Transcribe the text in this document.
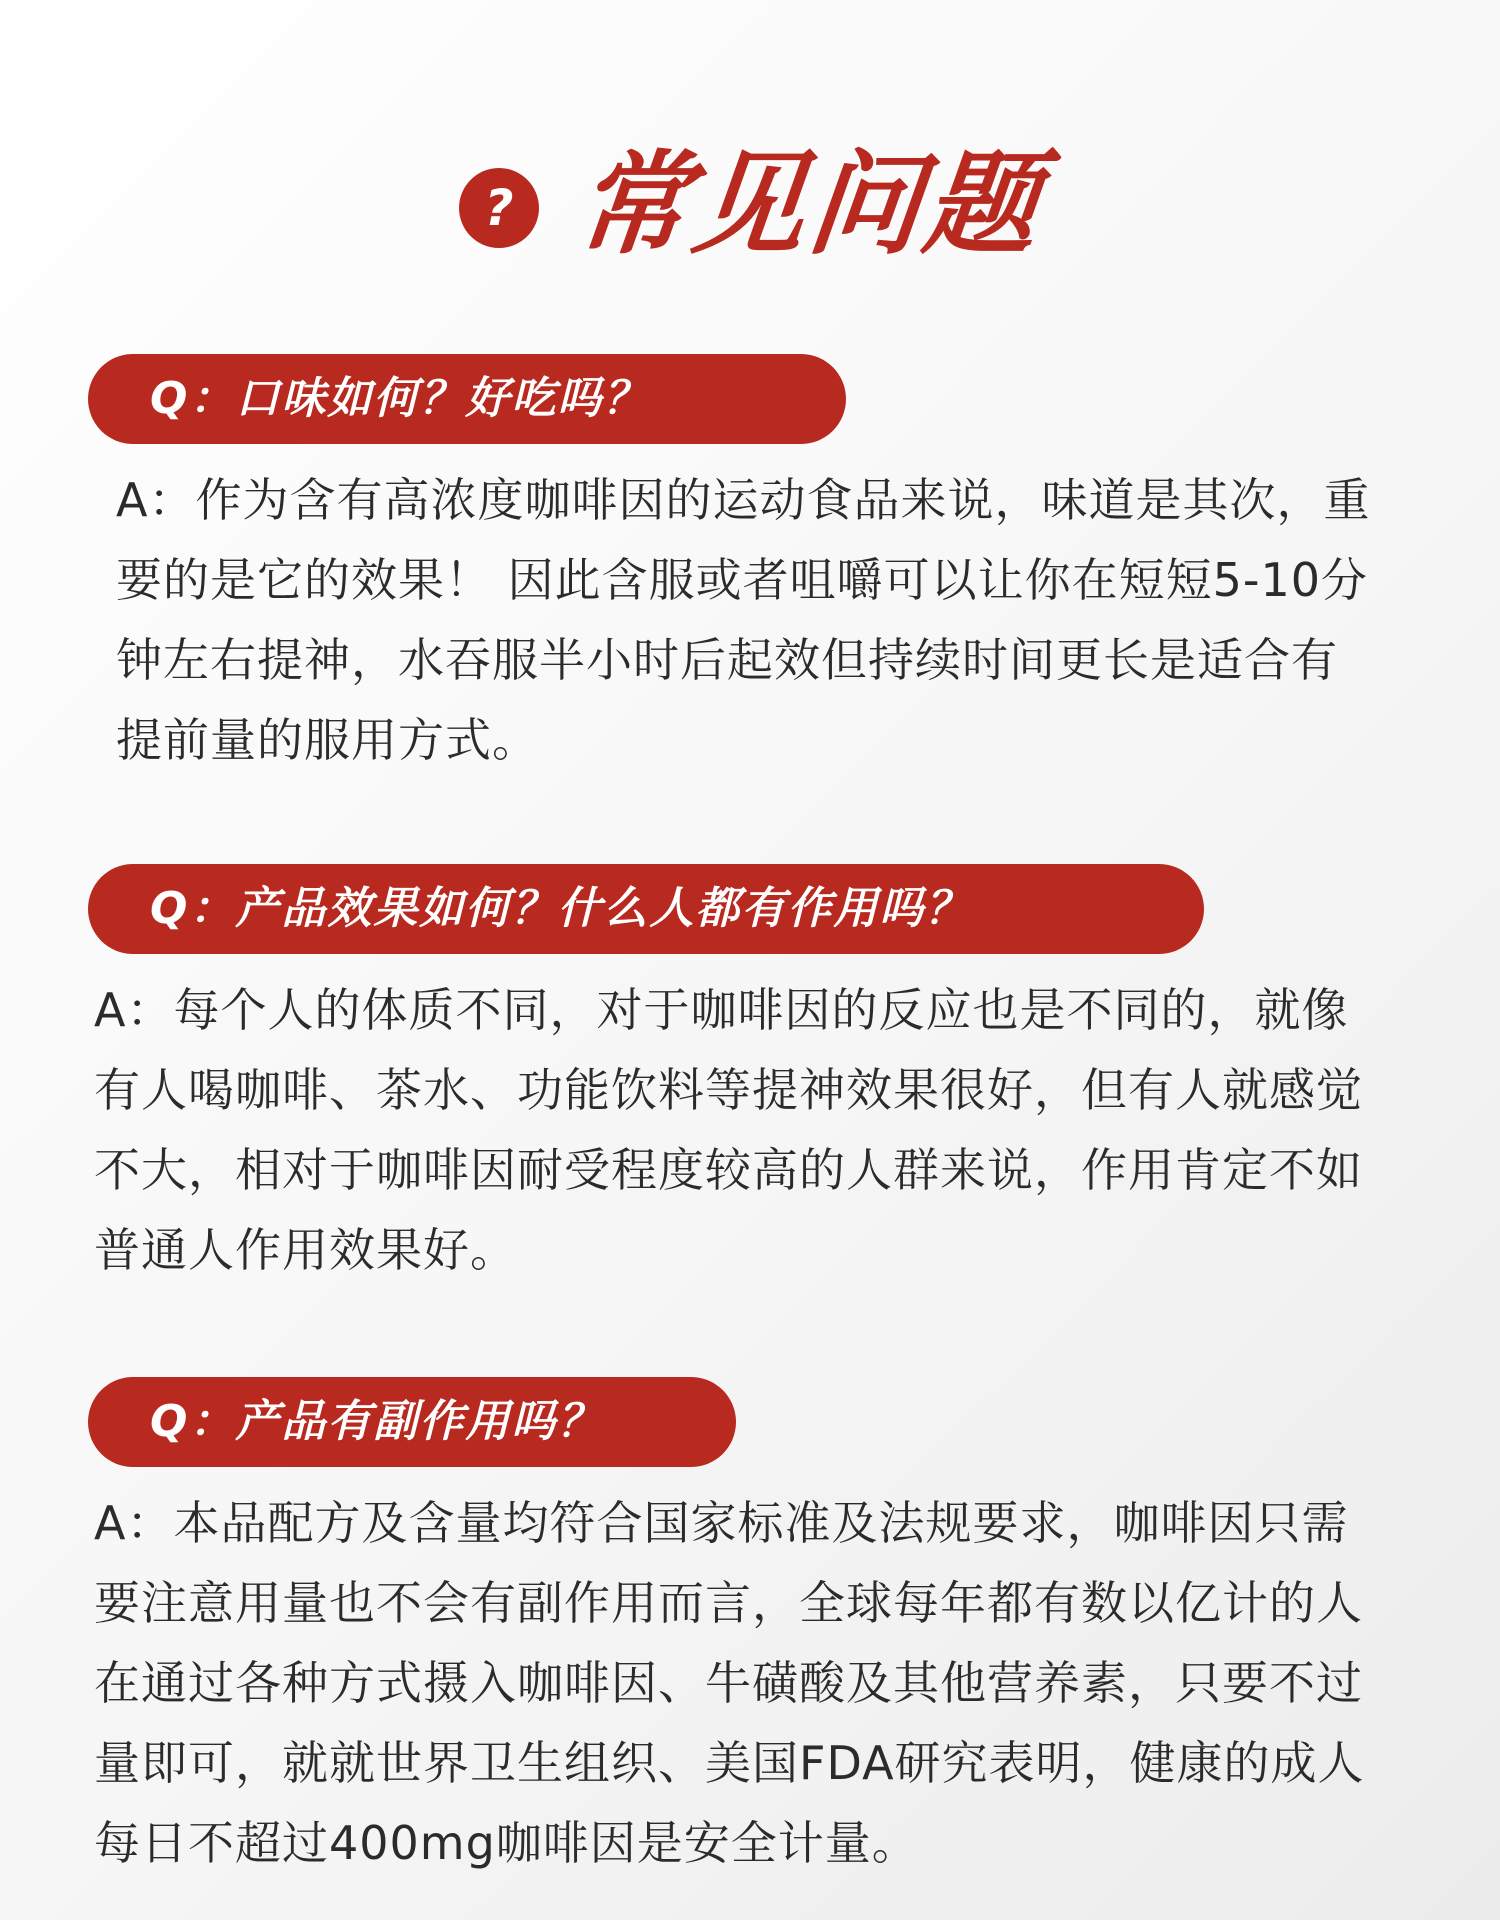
? 常见问题
Q：口味如何？好吃吗？

A：作为含有高浓度咖啡因的运动食品来说，味道是其次，重要的是它的效果！ 因此含服或者咀嚼可以让你在短短5-10分钟左右提神，水吞服半小时后起效但持续时间更长是适合有提前量的服用方式。

Q：产品效果如何？什么人都有作用吗？

A：每个人的体质不同，对于咖啡因的反应也是不同的，就像有人喝咖啡、茶水、功能饮料等提神效果很好，但有人就感觉不大，相对于咖啡因耐受程度较高的人群来说，作用肯定不如普通人作用效果好。

Q：产品有副作用吗？

A：本品配方及含量均符合国家标准及法规要求，咖啡因只需要注意用量也不会有副作用而言，全球每年都有数以亿计的人在通过各种方式摄入咖啡因、牛磺酸及其他营养素，只要不过量即可，就就世界卫生组织、美国FDA研究表明，健康的成人每日不超过400mg咖啡因是安全计量。
